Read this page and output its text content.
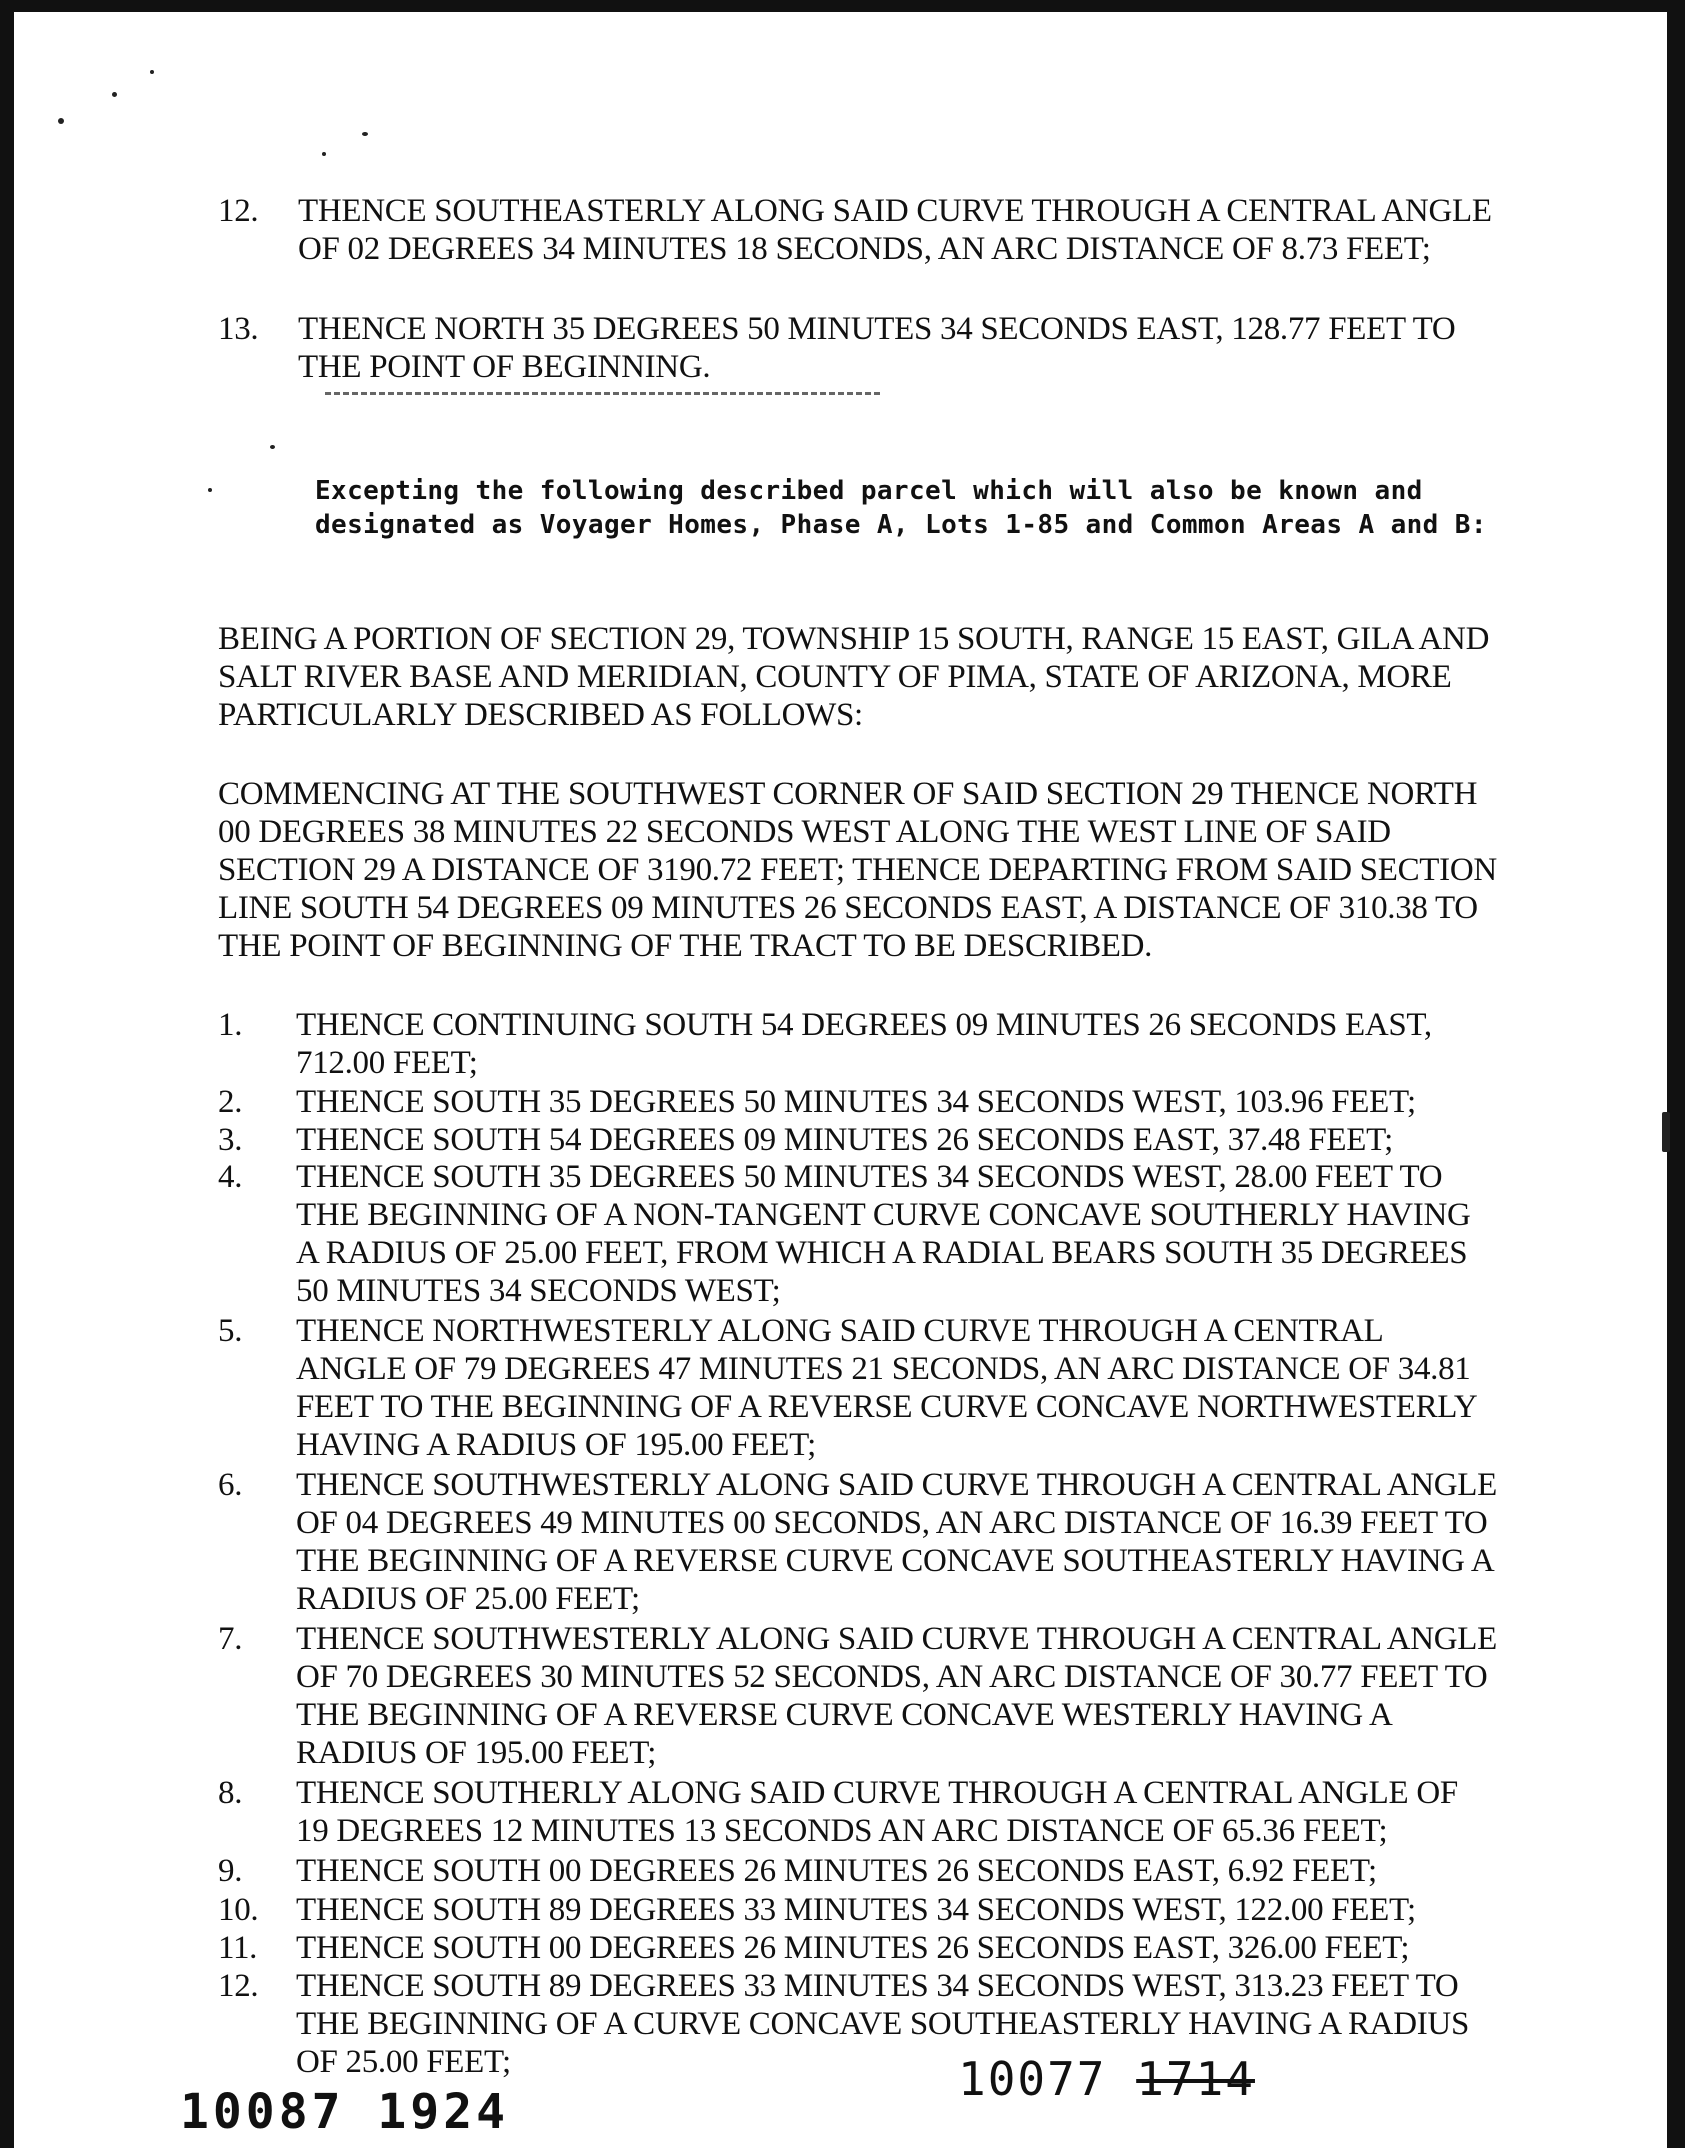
12.	THENCE SOUTHEASTERLY ALONG SAID CURVE THROUGH A CENTRAL ANGLE OF 02 DEGREES 34 MINUTES 18 SECONDS, AN ARC DISTANCE OF 8.73 FEET;
13.	THENCE NORTH 35 DEGREES 50 MINUTES 34 SECONDS EAST, 128.77 FEET TO THE POINT OF BEGINNING.
Excepting the following described parcel which will also be known and designated as Voyager Homes, Phase A, Lots 1-85 and Common Areas A and B:
BEING A PORTION OF SECTION 29, TOWNSHIP 15 SOUTH, RANGE 15 EAST, GILA AND SALT RIVER BASE AND MERIDIAN, COUNTY OF PIMA, STATE OF ARIZONA, MORE PARTICULARLY DESCRIBED AS FOLLOWS:
COMMENCING AT THE SOUTHWEST CORNER OF SAID SECTION 29 THENCE NORTH 00 DEGREES 38 MINUTES 22 SECONDS WEST ALONG THE WEST LINE OF SAID SECTION 29 A DISTANCE OF 3190.72 FEET; THENCE DEPARTING FROM SAID SECTION LINE SOUTH 54 DEGREES 09 MINUTES 26 SECONDS EAST, A DISTANCE OF 310.38 TO THE POINT OF BEGINNING OF THE TRACT TO BE DESCRIBED.
1.	THENCE CONTINUING SOUTH 54 DEGREES 09 MINUTES 26 SECONDS EAST, 712.00 FEET;
2.	THENCE SOUTH 35 DEGREES 50 MINUTES 34 SECONDS WEST, 103.96 FEET;
3.	THENCE SOUTH 54 DEGREES 09 MINUTES 26 SECONDS EAST, 37.48 FEET;
4.	THENCE SOUTH 35 DEGREES 50 MINUTES 34 SECONDS WEST, 28.00 FEET TO THE BEGINNING OF A NON-TANGENT CURVE CONCAVE SOUTHERLY HAVING A RADIUS OF 25.00 FEET, FROM WHICH A RADIAL BEARS SOUTH 35 DEGREES 50 MINUTES 34 SECONDS WEST;
5.	THENCE NORTHWESTERLY ALONG SAID CURVE THROUGH A CENTRAL ANGLE OF 79 DEGREES 47 MINUTES 21 SECONDS, AN ARC DISTANCE OF 34.81 FEET TO THE BEGINNING OF A REVERSE CURVE CONCAVE NORTHWESTERLY HAVING A RADIUS OF 195.00 FEET;
6.	THENCE SOUTHWESTERLY ALONG SAID CURVE THROUGH A CENTRAL ANGLE OF 04 DEGREES 49 MINUTES 00 SECONDS, AN ARC DISTANCE OF 16.39 FEET TO THE BEGINNING OF A REVERSE CURVE CONCAVE SOUTHEASTERLY HAVING A RADIUS OF 25.00 FEET;
7.	THENCE SOUTHWESTERLY ALONG SAID CURVE THROUGH A CENTRAL ANGLE OF 70 DEGREES 30 MINUTES 52 SECONDS, AN ARC DISTANCE OF 30.77 FEET TO THE BEGINNING OF A REVERSE CURVE CONCAVE WESTERLY HAVING A RADIUS OF 195.00 FEET;
8.	THENCE SOUTHERLY ALONG SAID CURVE THROUGH A CENTRAL ANGLE OF 19 DEGREES 12 MINUTES 13 SECONDS AN ARC DISTANCE OF 65.36 FEET;
9.	THENCE SOUTH 00 DEGREES 26 MINUTES 26 SECONDS EAST, 6.92 FEET;
10.	THENCE SOUTH 89 DEGREES 33 MINUTES 34 SECONDS WEST, 122.00 FEET;
11.	THENCE SOUTH 00 DEGREES 26 MINUTES 26 SECONDS EAST, 326.00 FEET;
12.	THENCE SOUTH 89 DEGREES 33 MINUTES 34 SECONDS WEST, 313.23 FEET TO THE BEGINNING OF A CURVE CONCAVE SOUTHEASTERLY HAVING A RADIUS OF 25.00 FEET;
10087 1924
10077 1714
